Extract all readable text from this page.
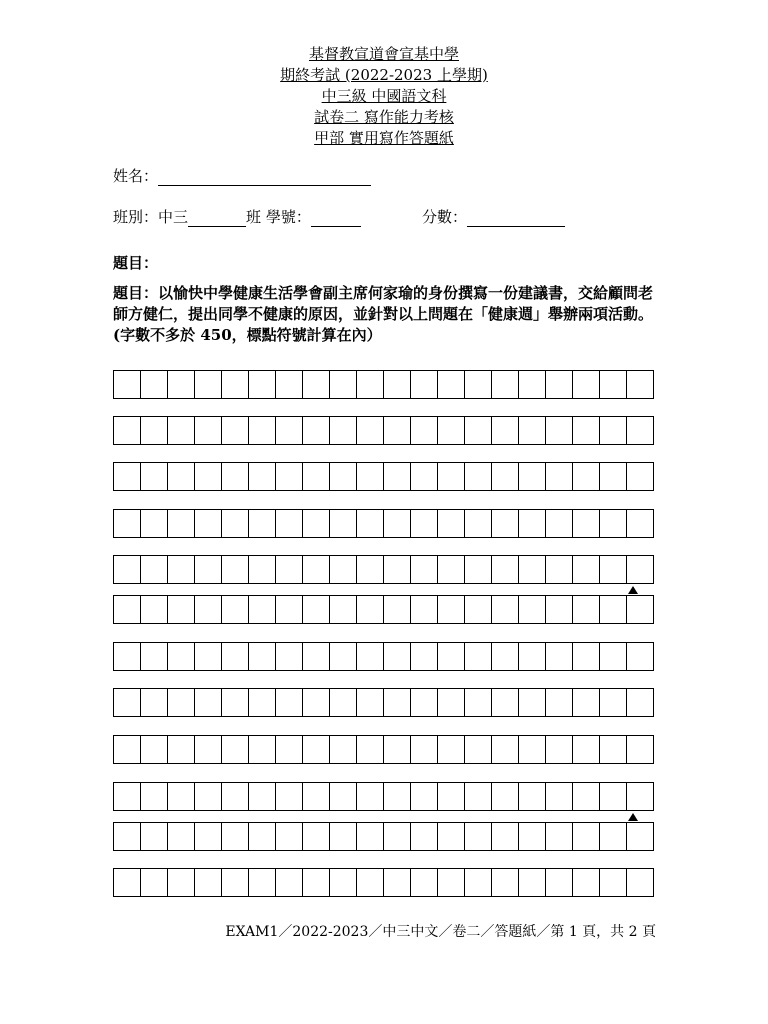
基督教宣道會宣基中學
期終考試 (2022-2023 上學期)
中三級 中國語文科
試卷二 寫作能力考核
甲部 實用寫作答題紙
姓名：
班別：中三	班 學號：	分數：
題目：
題目：以愉快中學健康生活學會副主席何家瑜的身份撰寫一份建議書，交給顧問老師方健仁，提出同學不健康的原因，並針對以上問題在「健康週」舉辦兩項活動。(字數不多於 450，標點符號計算在內）
EXAM1／2022-2023／中三中文／卷二／答題紙／第 1 頁，共 2 頁
